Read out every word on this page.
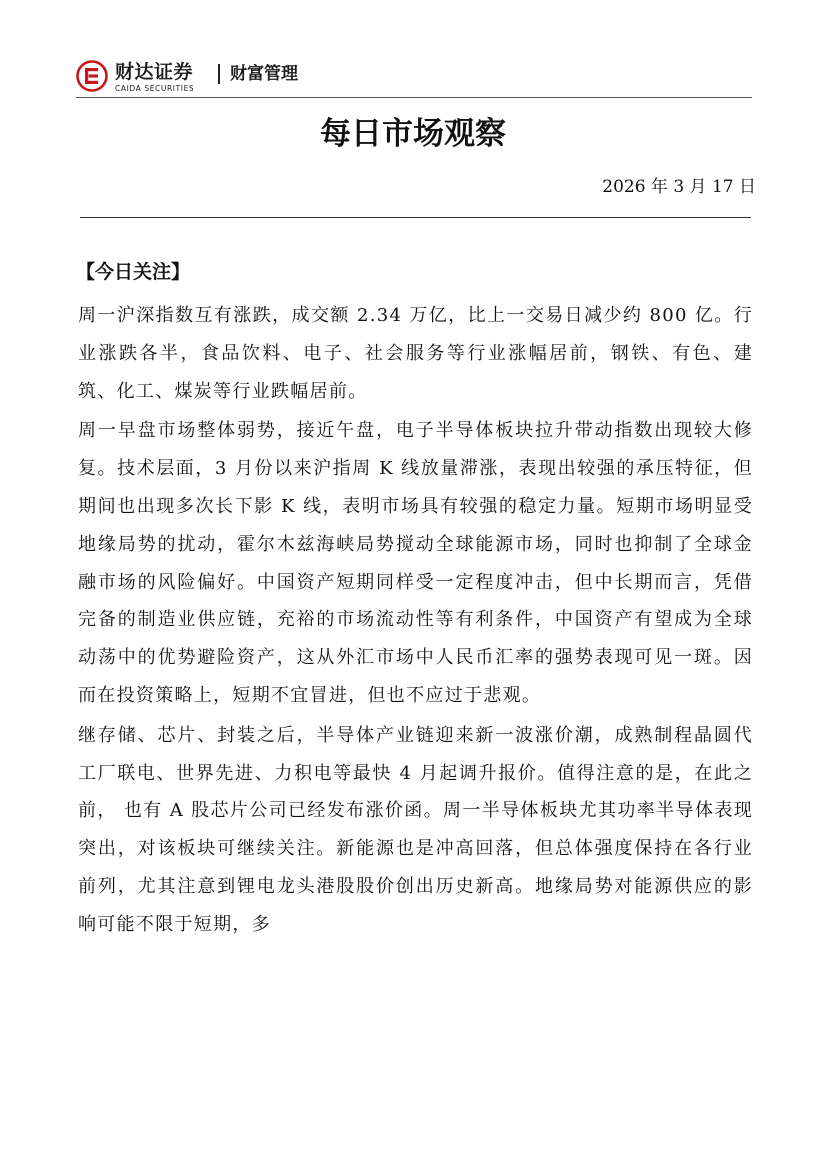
财达证券
CAIDA SECURITIES
财富管理
每日市场观察
2026 年 3 月 17 日
【今日关注】

周一沪深指数互有涨跌，成交额 2.34 万亿，比上一交易日减少约 800 亿。行业涨跌各半，食品饮料、电子、社会服务等行业涨幅居前，钢铁、有色、建筑、化工、煤炭等行业跌幅居前。

周一早盘市场整体弱势，接近午盘，电子半导体板块拉升带动指数出现较大修复。技术层面，3 月份以来沪指周 K 线放量滞涨，表现出较强的承压特征，但期间也出现多次长下影 K 线，表明市场具有较强的稳定力量。短期市场明显受地缘局势的扰动，霍尔木兹海峡局势搅动全球能源市场，同时也抑制了全球金融市场的风险偏好。中国资产短期同样受一定程度冲击，但中长期而言，凭借完备的制造业供应链，充裕的市场流动性等有利条件，中国资产有望成为全球动荡中的优势避险资产，这从外汇市场中人民币汇率的强势表现可见一斑。因而在投资策略上，短期不宜冒进，但也不应过于悲观。

继存储、芯片、封装之后，半导体产业链迎来新一波涨价潮，成熟制程晶圆代工厂联电、世界先进、力积电等最快 4 月起调升报价。值得注意的是，在此之前， 也有 A 股芯片公司已经发布涨价函。周一半导体板块尤其功率半导体表现突出，对该板块可继续关注。新能源也是冲高回落，但总体强度保持在各行业前列，尤其注意到锂电龙头港股股价创出历史新高。地缘局势对能源供应的影响可能不限于短期，多
